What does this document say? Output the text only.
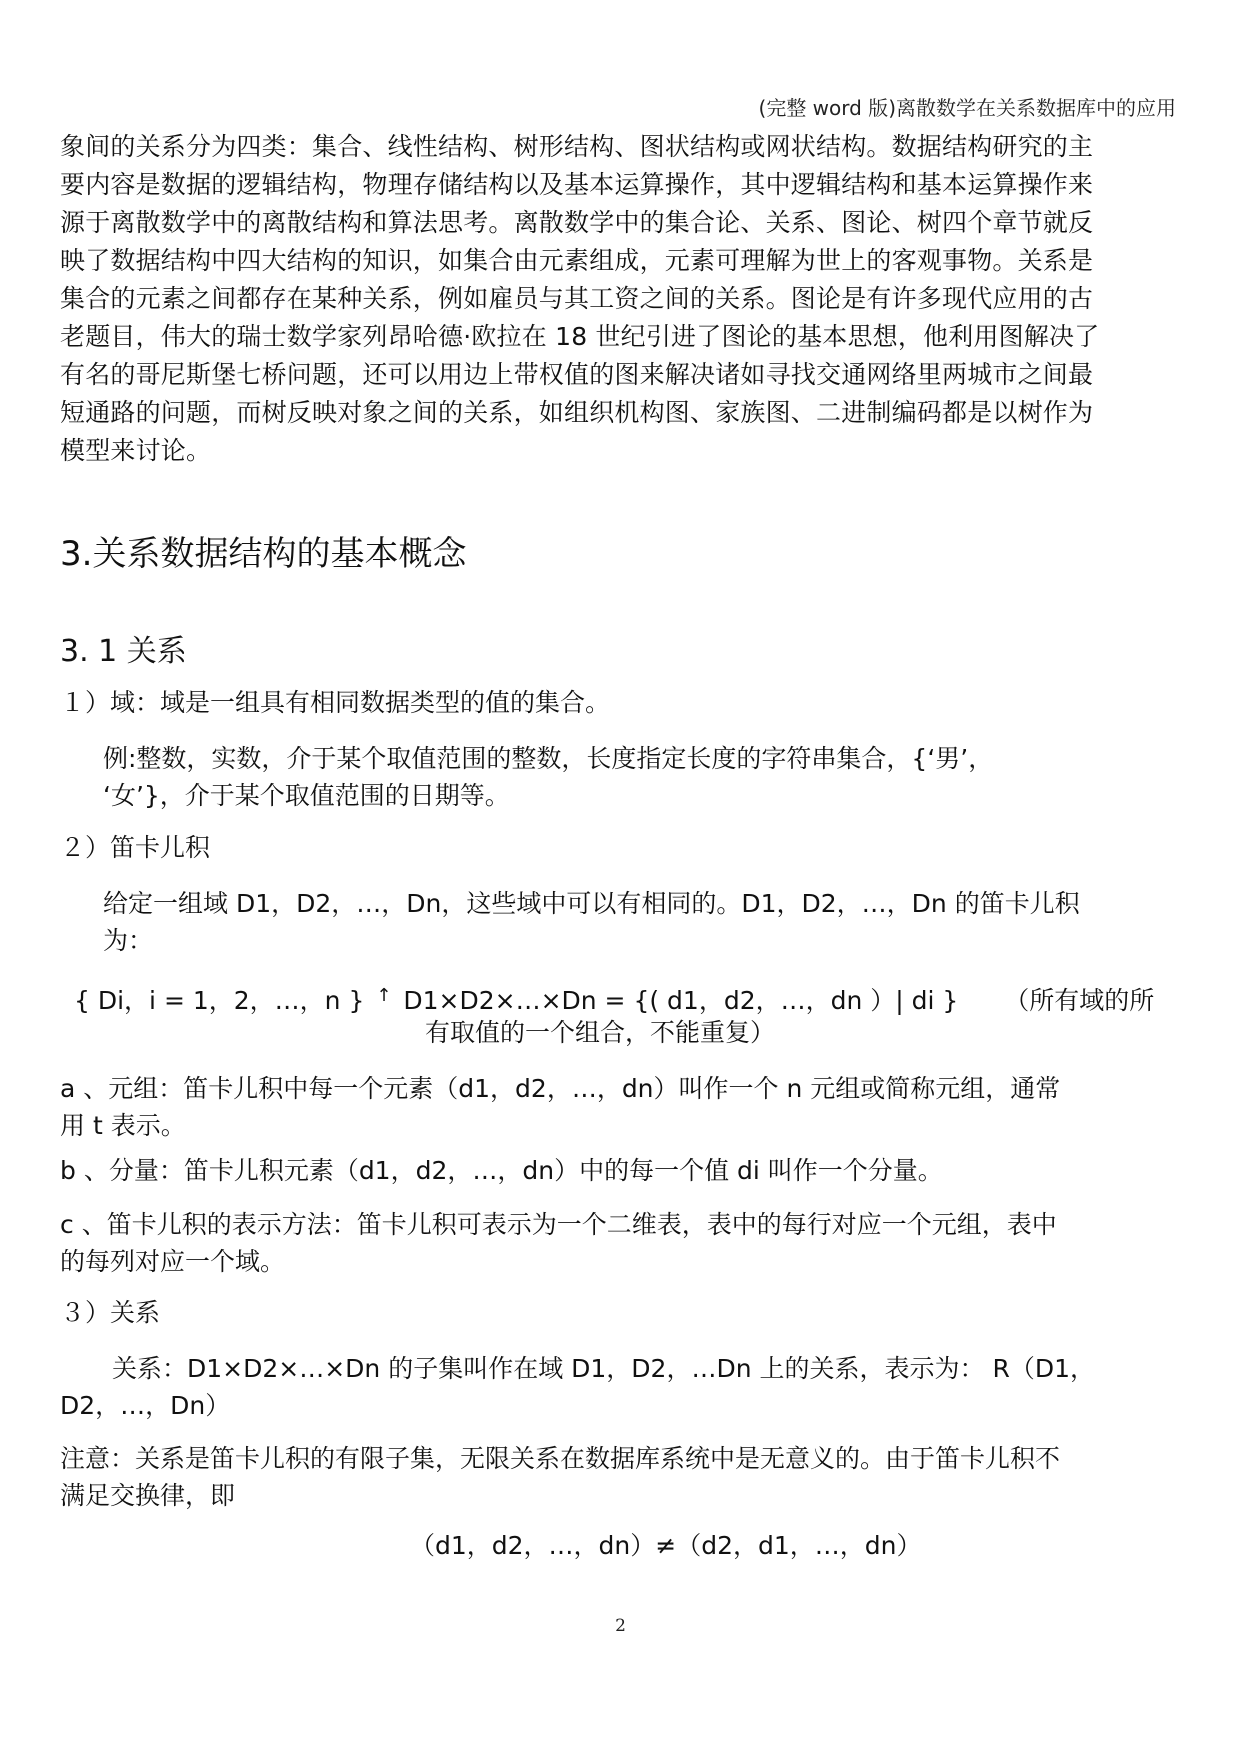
(完整 word 版)离散数学在关系数据库中的应用

象间的关系分为四类：集合、线性结构、树形结构、图状结构或网状结构。数据结构研究的主
要内容是数据的逻辑结构，物理存储结构以及基本运算操作，其中逻辑结构和基本运算操作来
源于离散数学中的离散结构和算法思考。离散数学中的集合论、关系、图论、树四个章节就反
映了数据结构中四大结构的知识，如集合由元素组成，元素可理解为世上的客观事物。关系是
集合的元素之间都存在某种关系，例如雇员与其工资之间的关系。图论是有许多现代应用的古
老题目，伟大的瑞士数学家列昂哈德·欧拉在 18 世纪引进了图论的基本思想，他利用图解决了
有名的哥尼斯堡七桥问题，还可以用边上带权值的图来解决诸如寻找交通网络里两城市之间最
短通路的问题，而树反映对象之间的关系，如组织机构图、家族图、二进制编码都是以树作为
模型来讨论。

3.关系数据结构的基本概念
3. 1 关系

１）域：域是一组具有相同数据类型的值的集合。

例:整数，实数，介于某个取值范围的整数，长度指定长度的字符串集合，{‘男’，
‘女’}，介于某个取值范围的日期等。

２）笛卡儿积

给定一组域 D1，D2，…，Dn，这些域中可以有相同的。D1，D2，…，Dn 的笛卡儿积
为：

{ Di，i = 1，2，…，n } ↑ D1×D2×…×Dn = {( d1，d2，…，dn ）| di } （所有域的所
有取值的一个组合，不能重复）

a 、元组：笛卡儿积中每一个元素（d1，d2，…，dn）叫作一个 n 元组或简称元组，通常
用 t 表示。

b 、分量：笛卡儿积元素（d1，d2，…，dn）中的每一个值 di 叫作一个分量。

c 、笛卡儿积的表示方法：笛卡儿积可表示为一个二维表，表中的每行对应一个元组，表中
的每列对应一个域。

３）关系

关系：D1×D2×…×Dn 的子集叫作在域 D1，D2，…Dn 上的关系，表示为： R（D1，
D2，…，Dn）

注意：关系是笛卡儿积的有限子集，无限关系在数据库系统中是无意义的。由于笛卡儿积不
满足交换律，即

（d1，d2，…，dn）≠（d2，d1，…，dn）
2
